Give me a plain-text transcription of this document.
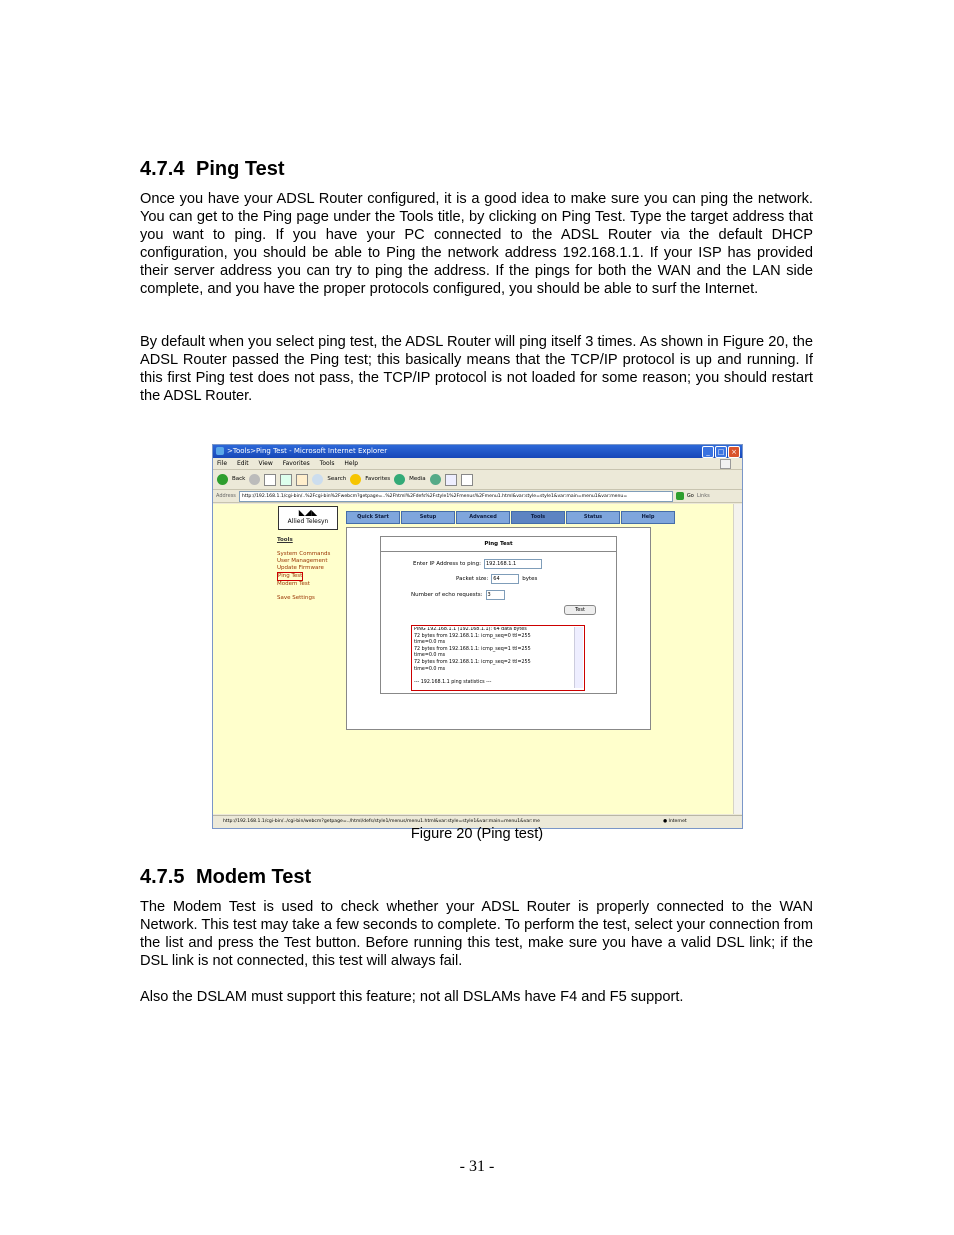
4.7.4 Ping Test

Once you have your ADSL Router configured, it is a good idea to make sure you can ping the network. You can get to the Ping page under the Tools title, by clicking on Ping Test. Type the target address that you want to ping. If you have your PC connected to the ADSL Router via the default DHCP configuration, you should be able to Ping the network address 192.168.1.1. If your ISP has provided their server address you can try to ping the address. If the pings for both the WAN and the LAN side complete, and you have the proper protocols configured, you should be able to surf the Internet.

By default when you select ping test, the ADSL Router will ping itself 3 times. As shown in Figure 20, the ADSL Router passed the Ping test; this basically means that the TCP/IP protocol is up and running. If this first Ping test does not pass, the TCP/IP protocol is not loaded for some reason; you should restart the ADSL Router.

>Tools>Ping Test - Microsoft Internet Explorer	_	□ ×
File Edit View Favorites Tools Help
Back	Search	Favorites	Media
Address	http://192.168.1.1/cgi-bin/..%2Fcgi-bin%2Fwebcm?getpage=..%2Fhtml%2Fdefs%2Fstyle1%2Fmenus%2Fmenu1.html&var:style=style1&var:main=menu1&var:menu=	Go Links
◣◢◣
Allied Telesyn
Quick Start	Setup	Advanced	Tools	Status	Help
Tools
System Commands
User Management
Update Firmware
Ping Test
Modem Test
Save Settings
Ping Test
Enter IP Address to ping:	192.168.1.1
Packet size:	64	bytes
Number of echo requests:	3
Test
PING 192.168.1.1 (192.168.1.1): 64 data bytes
72 bytes from 192.168.1.1: icmp_seq=0 ttl=255
time=0.0 ms
72 bytes from 192.168.1.1: icmp_seq=1 ttl=255
time=0.0 ms
72 bytes from 192.168.1.1: icmp_seq=2 ttl=255
time=0.0 ms

--- 192.168.1.1 ping statistics ---
http://192.168.1.1/cgi-bin/../cgi-bin/webcm?getpage=../html/defs/style1/menus/menu1.html&var:style=style1&var:main=menu1&var:me	● Internet
Figure 20 (Ping test)
4.7.5 Modem Test

The Modem Test is used to check whether your ADSL Router is properly connected to the WAN Network. This test may take a few seconds to complete. To perform the test, select your connection from the list and press the Test button. Before running this test, make sure you have a valid DSL link; if the DSL link is not connected, this test will always fail.

Also the DSLAM must support this feature; not all DSLAMs have F4 and F5 support.

- 31 -
